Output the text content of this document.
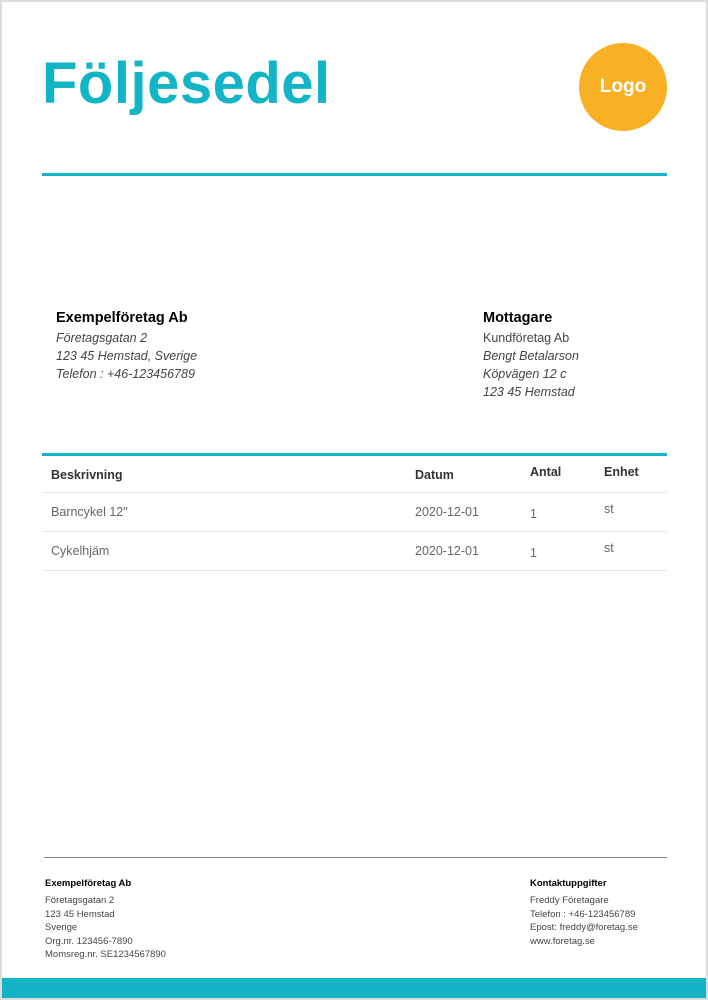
Följesedel	Logo
Exempelföretag Ab
Företagsgatan 2
123 45 Hemstad, Sverige
Telefon : +46-123456789
Mottagare
Kundföretag Ab
Bengt Betalarson
Köpvägen 12 c
123 45 Hemstad
Beskrivning	Datum	Antal	Enhet
Barncykel 12"	2020-12-01	1	st
Cykelhjäm	2020-12-01	1	st
Exempelföretag Ab
Företagsgatan 2
123 45 Hemstad
Sverige
Org.nr. 123456-7890
Momsreg.nr. SE1234567890
Kontaktuppgifter
Freddy Företagare
Telefon : +46-123456789
Epost: freddy@foretag.se
www.foretag.se
